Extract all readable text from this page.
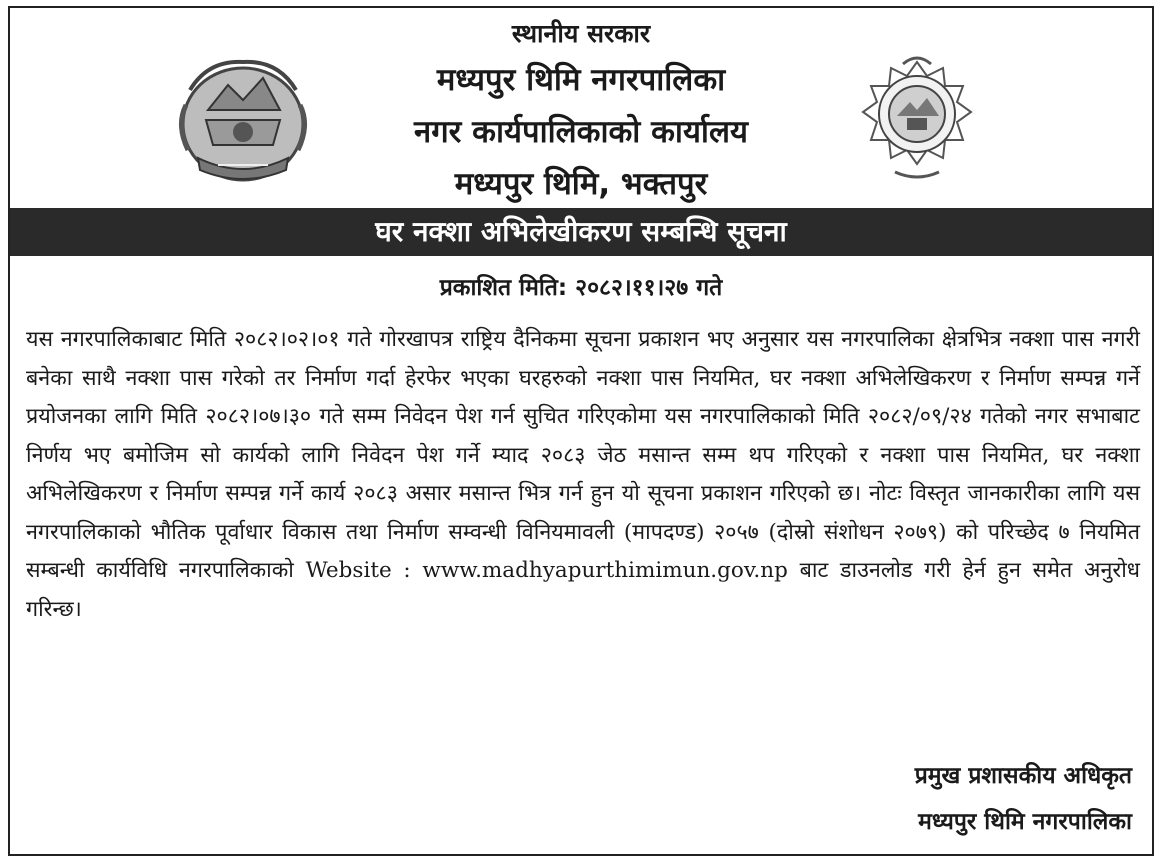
स्थानीय सरकार
मध्यपुर थिमि नगरपालिका
नगर कार्यपालिकाको कार्यालय
मध्यपुर थिमि, भक्तपुर
घर नक्शा अभिलेखीकरण सम्बन्धि सूचना
प्रकाशित मिति: २०८२।११।२७ गते

यस नगरपालिकाबाट मिति २०८२।०२।०१ गते गोरखापत्र राष्ट्रिय दैनिकमा सूचना प्रकाशन भए अनुसार यस नगरपालिका क्षेत्रभित्र नक्शा पास नगरी बनेका साथै नक्शा पास गरेको तर निर्माण गर्दा हेरफेर भएका घरहरुको नक्शा पास नियमित, घर नक्शा अभिलेखिकरण र निर्माण सम्पन्न गर्ने प्रयोजनका लागि मिति २०८२।०७।३० गते सम्म निवेदन पेश गर्न सुचित गरिएकोमा यस नगरपालिकाको मिति २०८२/०९/२४ गतेको नगर सभाबाट निर्णय भए बमोजिम सो कार्यको लागि निवेदन पेश गर्ने म्याद २०८३ जेठ मसान्त सम्म थप गरिएको र नक्शा पास नियमित, घर नक्शा अभिलेखिकरण र निर्माण सम्पन्न गर्ने कार्य २०८३ असार मसान्त भित्र गर्न हुन यो सूचना प्रकाशन गरिएको छ। नोटः विस्तृत जानकारीका लागि यस नगरपालिकाको भौतिक पूर्वाधार विकास तथा निर्माण सम्वन्धी विनियमावली (मापदण्ड) २०५७ (दोस्रो संशोधन २०७९) को परिच्छेद ७ नियमित सम्बन्धी कार्यविधि नगरपालिकाको Website : www.madhyapurthimimun.gov.np बाट डाउनलोड गरी हेर्न हुन समेत अनुरोध गरिन्छ।

प्रमुख प्रशासकीय अधिकृत
मध्यपुर थिमि नगरपालिका
